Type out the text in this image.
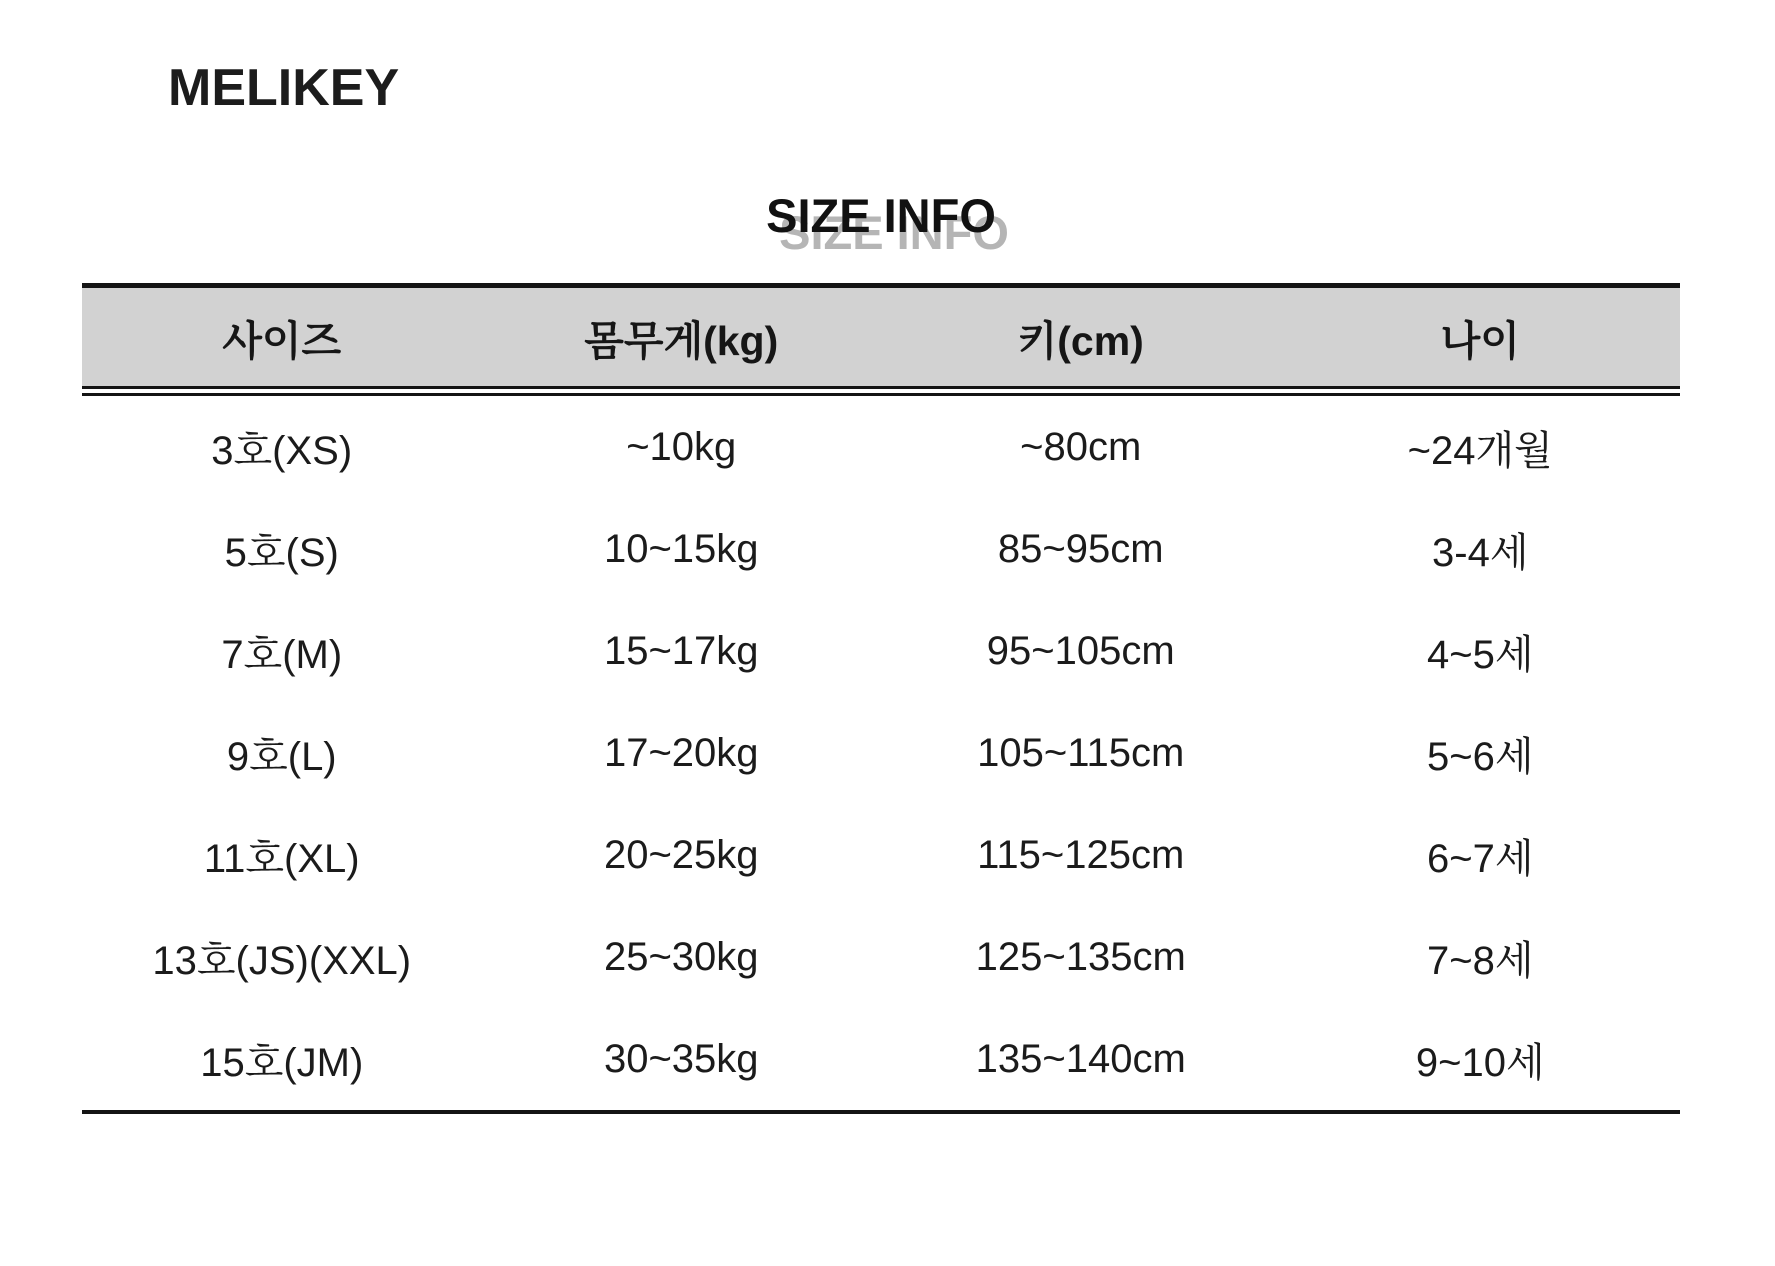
MELIKEY
SIZE INFO
사이즈	몸무게(kg)	키(cm)	나이
3호(XS)	~10kg	~80cm	~24개월
5호(S)	10~15kg	85~95cm	3-4세
7호(M)	15~17kg	95~105cm	4~5세
9호(L)	17~20kg	105~115cm	5~6세
11호(XL)	20~25kg	115~125cm	6~7세
13호(JS)(XXL)	25~30kg	125~135cm	7~8세
15호(JM)	30~35kg	135~140cm	9~10세
